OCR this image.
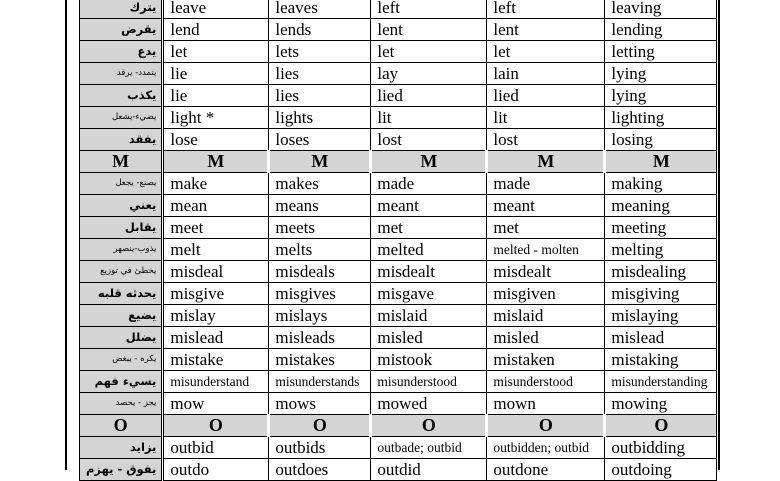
يترك	leave	leaves	left	left	leaving
يقرض	lend	lends	lent	lent	lending
يدع	let	lets	let	let	letting
يتمدد- يرقد	lie	lies	lay	lain	lying
يكذب	lie	lies	lied	lied	lying
يضيء-يشعل	light *	lights	lit	lit	lighting
يفقد	lose	loses	lost	lost	losing
M	M	M	M	M	M
يصنع- يجعل	make	makes	made	made	making
يعني	mean	means	meant	meant	meaning
يقابل	meet	meets	met	met	meeting
يذوب-ينصهر	melt	melts	melted	melted - molten	melting
يخطئ في توزيع	misdeal	misdeals	misdealt	misdealt	misdealing
يحدثه قلبه	misgive	misgives	misgave	misgiven	misgiving
يضيع	mislay	mislays	mislaid	mislaid	mislaying
يضلل	mislead	misleads	misled	misled	mislead
يكره - يبغض	mistake	mistakes	mistook	mistaken	mistaking
يسيء فهم	misunderstand	misunderstands	misunderstood	misunderstood	misunderstanding
يجز - يحصد	mow	mows	mowed	mown	mowing
O	O	O	O	O	O
يزايد	outbid	outbids	outbade; outbid	outbidden; outbid	outbidding
يفوق - يهزم	outdo	outdoes	outdid	outdone	outdoing
